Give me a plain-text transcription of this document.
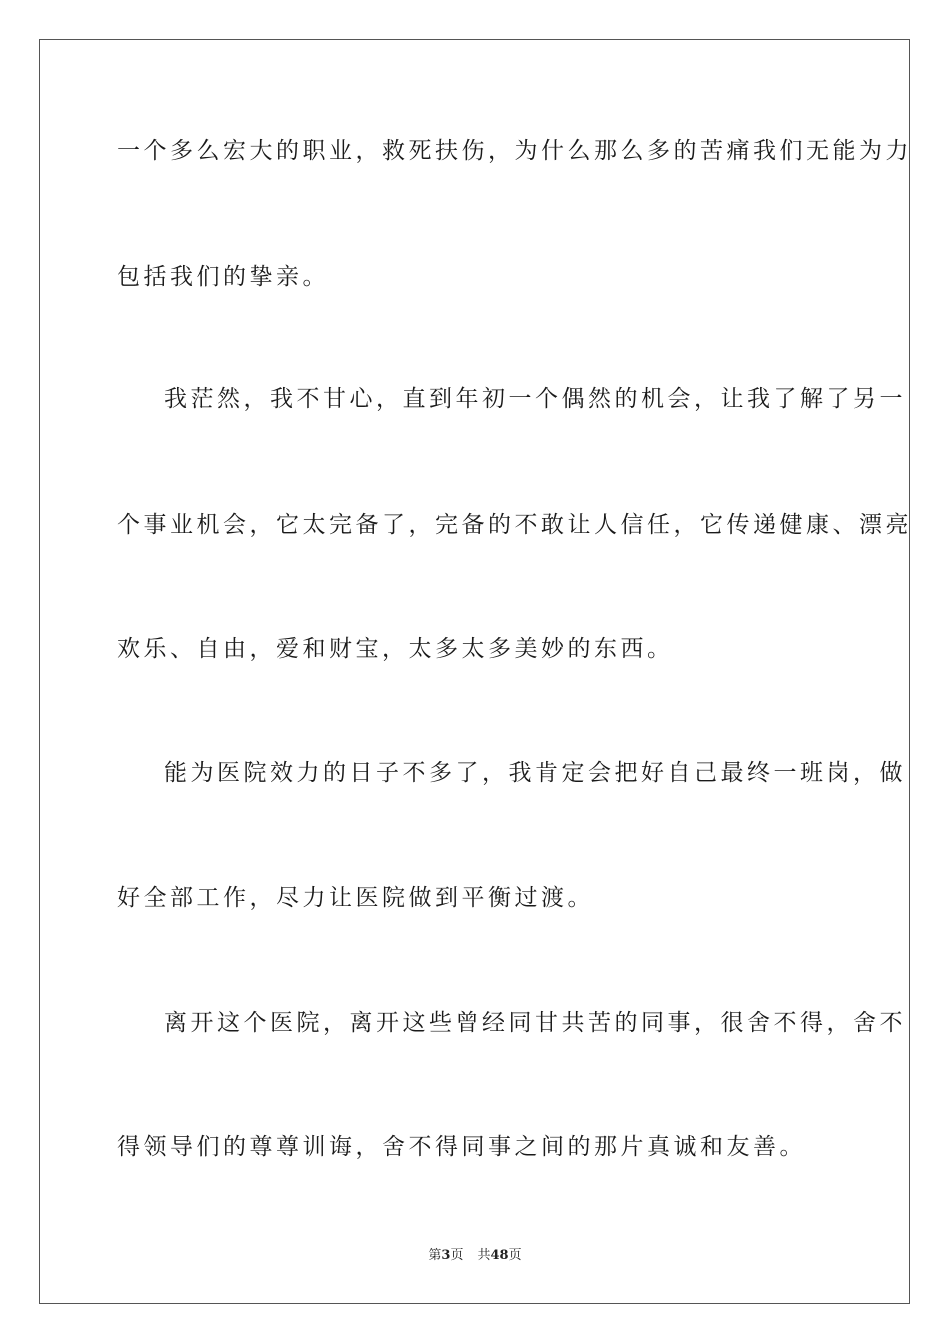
一个多么宏大的职业，救死扶伤，为什么那么多的苦痛我们无能为力
包括我们的挚亲。
我茫然，我不甘心，直到年初一个偶然的机会，让我了解了另一
个事业机会，它太完备了，完备的不敢让人信任，它传递健康、漂亮
欢乐、自由，爱和财宝，太多太多美妙的东西。
能为医院效力的日子不多了，我肯定会把好自己最终一班岗，做
好全部工作，尽力让医院做到平衡过渡。
离开这个医院，离开这些曾经同甘共苦的同事，很舍不得，舍不
得领导们的尊尊训诲，舍不得同事之间的那片真诚和友善。
第3页 共48页
